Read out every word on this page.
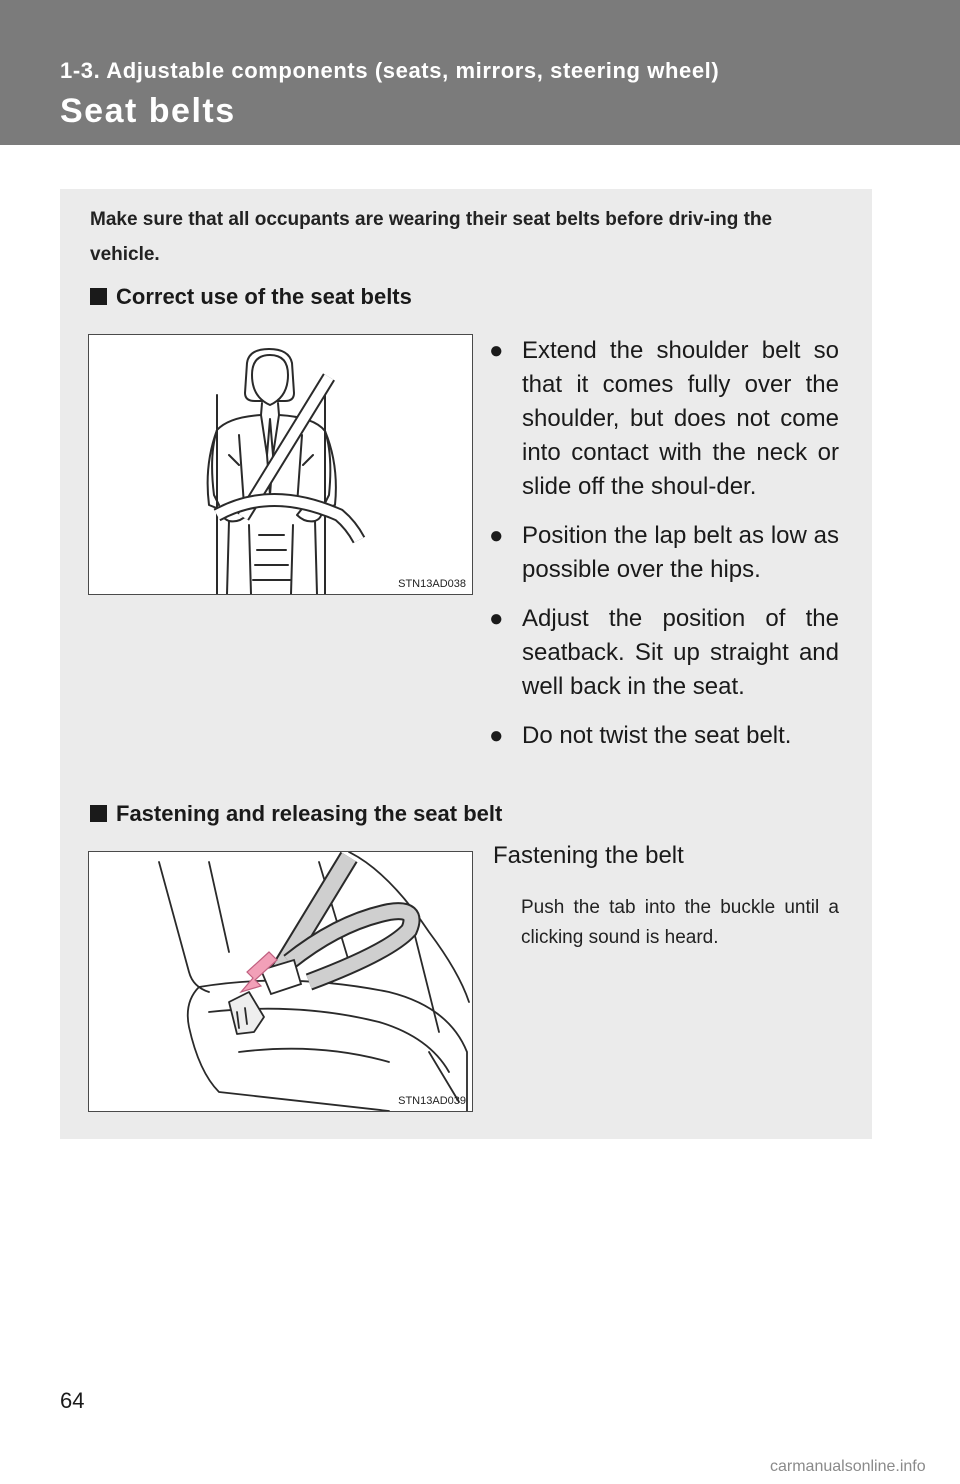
1-3. Adjustable components (seats, mirrors, steering wheel)
Seat belts
Make sure that all occupants are wearing their seat belts before driv-ing the vehicle.
Correct use of the seat belts
STN13AD038
● Extend the shoulder belt so that it comes fully over the shoulder, but does not come into contact with the neck or slide off the shoul-der.
● Position the lap belt as low as possible over the hips.
● Adjust the position of the seatback. Sit up straight and well back in the seat.
● Do not twist the seat belt.
Fastening and releasing the seat belt
STN13AD039
Fastening the belt
Push the tab into the buckle until a clicking sound is heard.
64
carmanualsonline.info
